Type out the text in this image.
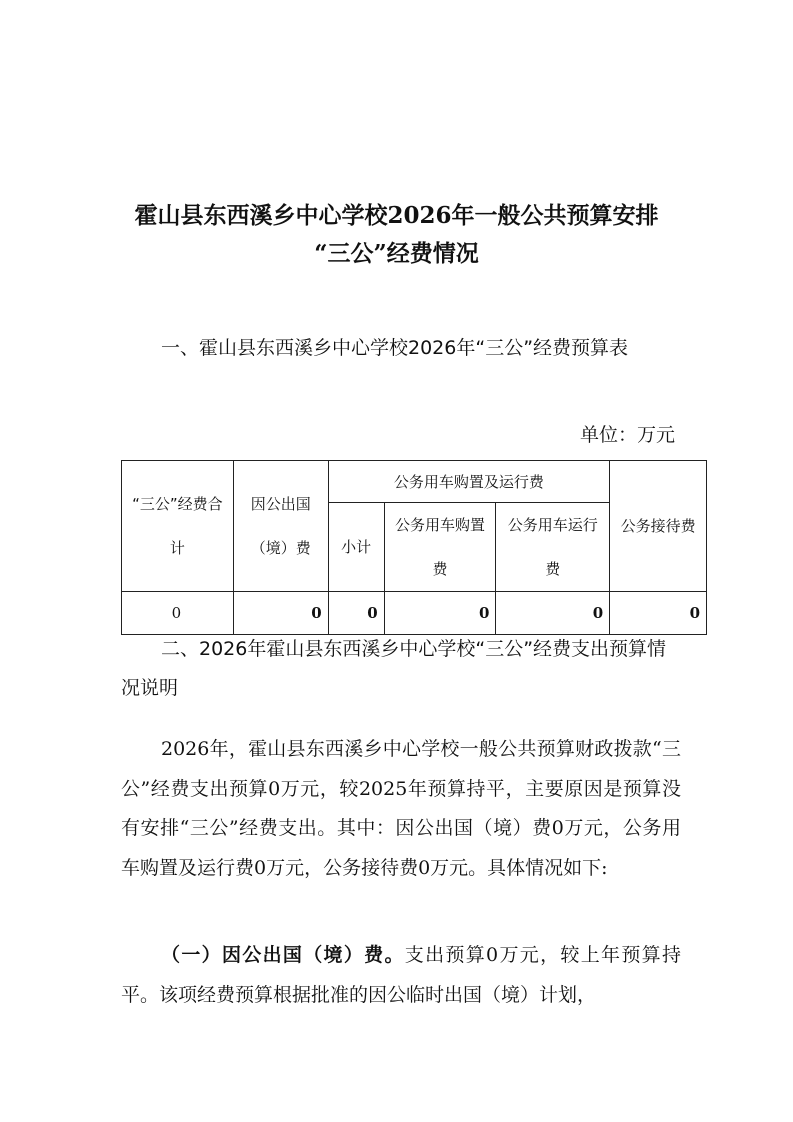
霍山县东西溪乡中心学校2026年一般公共预算安排
“三公”经费情况

一、霍山县东西溪乡中心学校2026年“三公”经费预算表

单位：万元

“三公”经费合计	因公出国（境）费	公务用车购置及运行费			公务接待费
		小计	公务用车购置费	公务用车运行费	
0	0	0	0	0	0

二、2026年霍山县东西溪乡中心学校“三公”经费支出预算情况说明

2026年，霍山县东西溪乡中心学校一般公共预算财政拨款“三公”经费支出预算0万元，较2025年预算持平，主要原因是预算没有安排“三公”经费支出。其中：因公出国（境）费0万元，公务用车购置及运行费0万元，公务接待费0万元。具体情况如下:

（一）因公出国（境）费。支出预算0万元，较上年预算持平。该项经费预算根据批准的因公临时出国（境）计划，
